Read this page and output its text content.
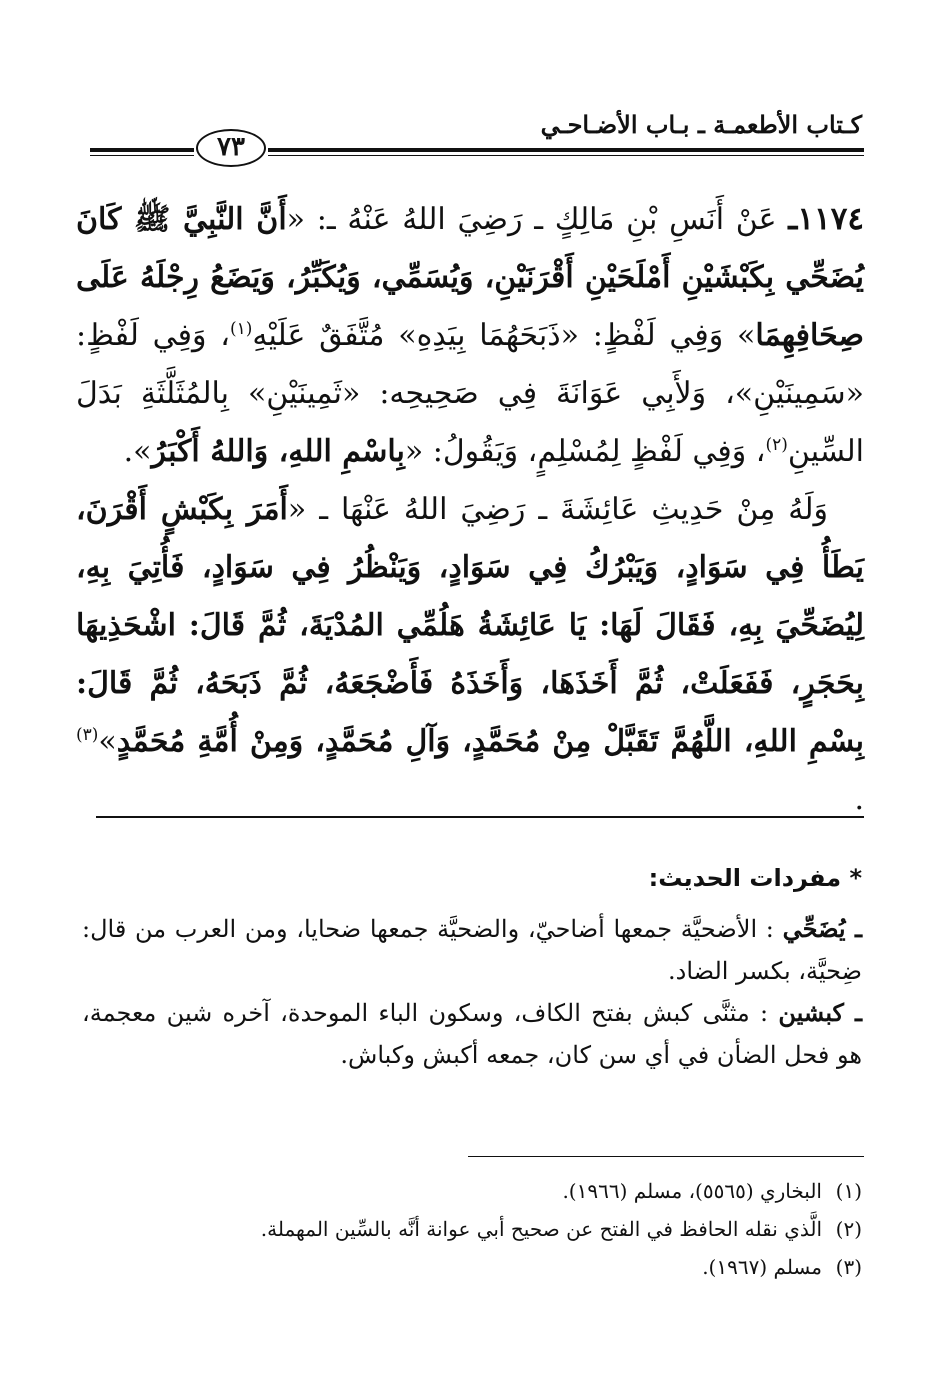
كـتاب الأطعمـة ـ بـاب الأضـاحـي
٧٣

١١٧٤ـ عَنْ أَنَسِ بْنِ مَالِكٍ ـ رَضِيَ اللهُ عَنْهُ ـ: «أَنَّ النَّبِيَّ ﷺ كَانَ يُضَحِّي بِكَبْشَيْنِ أَمْلَحَيْنِ أَقْرَنَيْنِ، وَيُسَمِّي، وَيُكَبِّرُ، وَيَضَعُ رِجْلَهُ عَلَى صِحَافِهِمَا» وَفِي لَفْظٍ: «ذَبَحَهُمَا بِيَدِهِ» مُتَّفَقٌ عَلَيْهِ$^{(١)}$، وَفِي لَفْظٍ: «سَمِينَيْنِ»، وَلأَبِي عَوَانَةَ فِي صَحِيحِه: «ثَمِينَيْنِ» بِالمُثَلَّثَةِ بَدَلَ السِّينِ$^{(٢)}$، وَفِي لَفْظٍ لِمُسْلِمٍ، وَيَقُولُ: «بِاسْمِ اللهِ، وَاللهُ أَكْبَرُ».

وَلَهُ مِنْ حَدِيثِ عَائِشَةَ ـ رَضِيَ اللهُ عَنْهَا ـ «أَمَرَ بِكَبْشٍ أَقْرَنَ، يَطَأُ فِي سَوَادٍ، وَيَبْرُكُ فِي سَوَادٍ، وَيَنْظُرُ فِي سَوَادٍ، فَأُتِيَ بِهِ، لِيُضَحِّيَ بِهِ، فَقَالَ لَهَا: يَا عَائِشَةُ هَلُمِّي المُدْيَةَ، ثُمَّ قَالَ: اشْحَذِيهَا بِحَجَرٍ، فَفَعَلَتْ، ثُمَّ أَخَذَهَا، وَأَخَذَهُ فَأَضْجَعَهُ، ثُمَّ ذَبَحَهُ، ثُمَّ قَالَ: بِسْمِ اللهِ، اللَّهُمَّ تَقَبَّلْ مِنْ مُحَمَّدٍ، وَآلِ مُحَمَّدٍ، وَمِنْ أُمَّةِ مُحَمَّدٍ»$^{(٣)}$ .

* مفردات الحديث:

ـ يُضَحِّي : الأضحيَّة جمعها أضاحيّ، والضحيَّة جمعها ضحايا، ومن العرب من قال: ضِحيَّة، بكسر الضاد.

ـ كبشين : مثنَّى كبش بفتح الكاف، وسكون الباء الموحدة، آخره شين معجمة، هو فحل الضأن في أي سن كان، جمعه أكبش وكباش.

(١)البخاري (٥٥٦٥)، مسلم (١٩٦٦).

(٢)الَّذي نقله الحافظ في الفتح عن صحيح أبي عوانة أنَّه بالسِّين المهملة.

(٣)مسلم (١٩٦٧).
